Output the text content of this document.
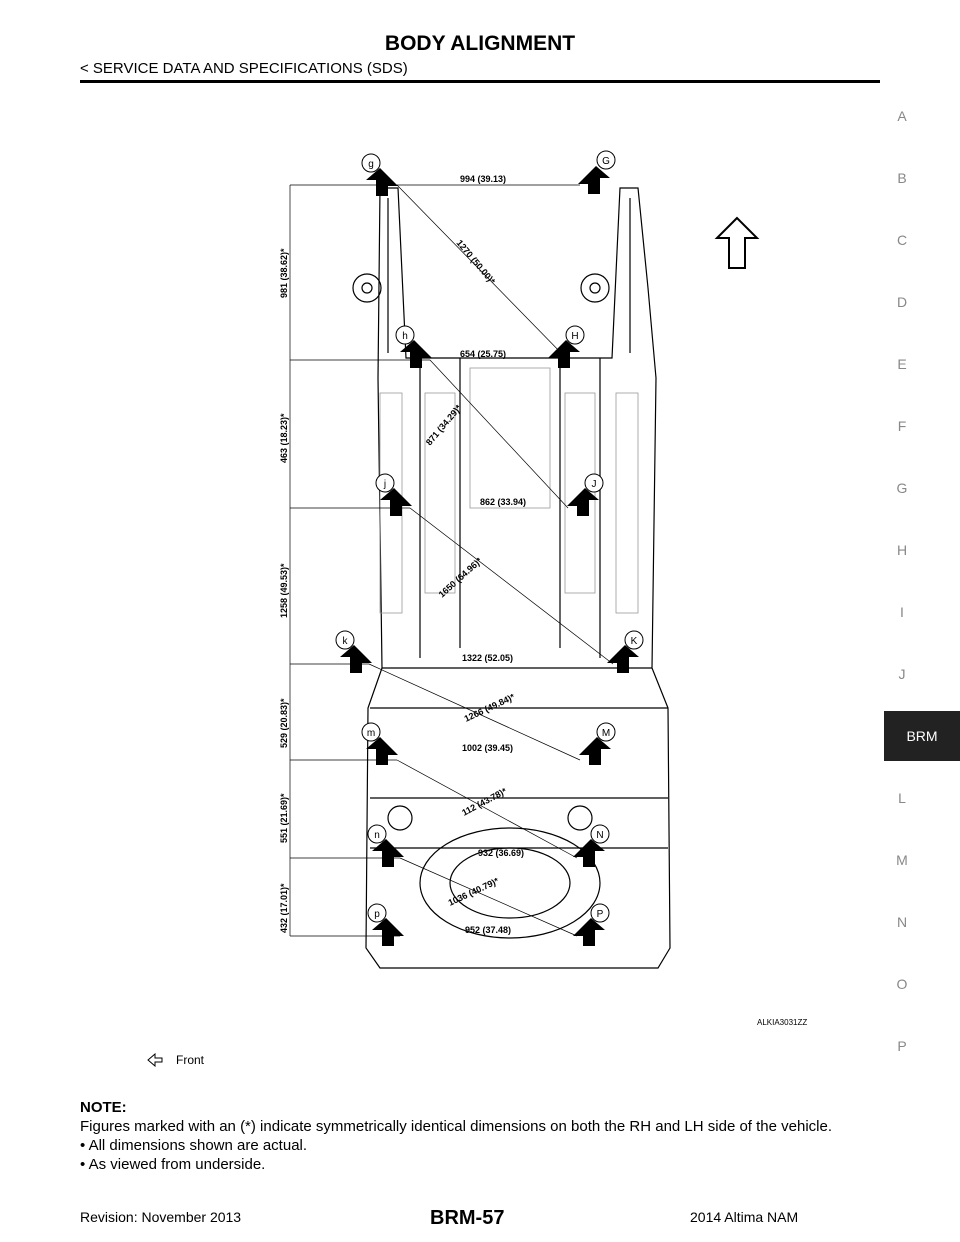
BODY ALIGNMENT
< SERVICE DATA AND SPECIFICATIONS (SDS)
A
B
C
D
E
F
G
H
I
J
L
M
N
O
P
BRM
994 (39.13)
654 (25.75)
862 (33.94)
1322 (52.05)
1002 (39.45)
932 (36.69)
952 (37.48)
1270 (50.00)*
871 (34.29)*
1650 (64.96)*
1266 (49.84)*
112 (43.78)*
1036 (40.79)*
981 (38.62)*
463 (18.23)*
1258 (49.53)*
529 (20.83)*
551 (21.69)*
432 (17.01)*
g	G
h	H
j	J
k	K
m	M
n	N
p	P
ALKIA3031ZZ
Front
NOTE:
Figures marked with an (*) indicate symmetrically identical dimensions on both the RH and LH side of the vehicle.
• All dimensions shown are actual.
• As viewed from underside.
Revision: November 2013	BRM-57	2014 Altima NAM
